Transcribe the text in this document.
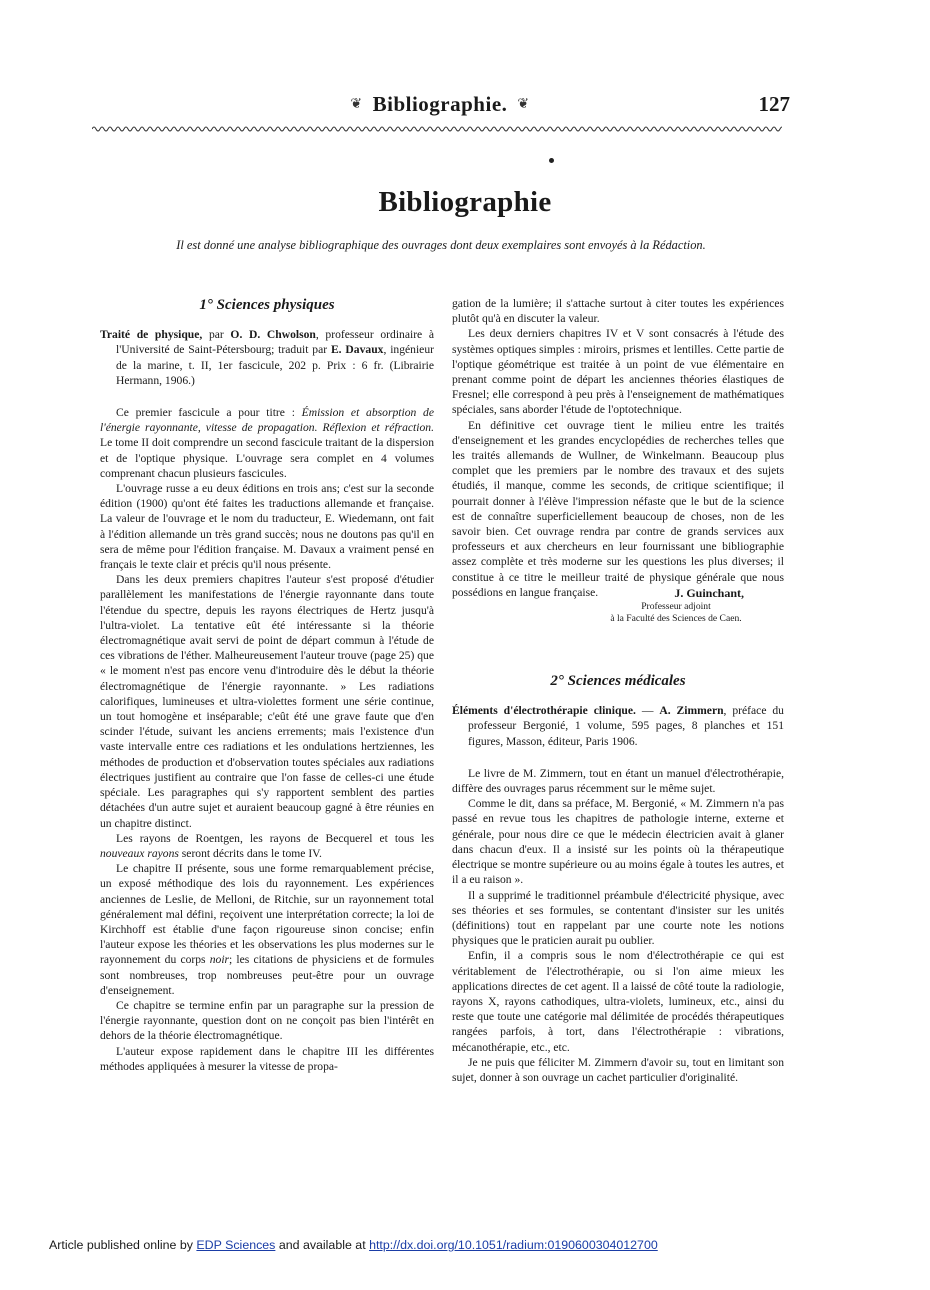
❦ Bibliographie. ❦	127
Bibliographie
Il est donné une analyse bibliographique des ouvrages dont deux exemplaires sont envoyés à la Rédaction.
1° Sciences physiques

Traité de physique, par O. D. Chwolson, professeur ordinaire à l'Université de Saint-Pétersbourg; traduit par E. Davaux, ingénieur de la marine, t. II, 1er fascicule, 202 p. Prix : 6 fr. (Librairie Hermann, 1906.)

Ce premier fascicule a pour titre : Émission et absorption de l'énergie rayonnante, vitesse de propagation. Réflexion et réfraction. Le tome II doit comprendre un second fascicule traitant de la dispersion et de l'optique physique. L'ouvrage sera complet en 4 volumes comprenant chacun plusieurs fascicules.

L'ouvrage russe a eu deux éditions en trois ans; c'est sur la seconde édition (1900) qu'ont été faites les traductions allemande et française. La valeur de l'ouvrage et le nom du traducteur, E. Wiedemann, ont fait à l'édition allemande un très grand succès; nous ne doutons pas qu'il en sera de même pour l'édition française. M. Davaux a vraiment pensé en français le texte clair et précis qu'il nous présente.

Dans les deux premiers chapitres l'auteur s'est proposé d'étudier parallèlement les manifestations de l'énergie rayonnante dans toute l'étendue du spectre, depuis les rayons électriques de Hertz jusqu'à l'ultra-violet. La tentative eût été intéressante si la théorie électromagnétique avait servi de point de départ commun à l'étude de ces vibrations de l'éther. Malheureusement l'auteur trouve (page 25) que « le moment n'est pas encore venu d'introduire dès le début la théorie électromagnétique de l'énergie rayonnante. » Les radiations calorifiques, lumineuses et ultra-violettes forment une série continue, un tout homogène et inséparable; c'eût été une grave faute que d'en scinder l'étude, suivant les anciens errements; mais l'existence d'un vaste intervalle entre ces radiations et les ondulations hertziennes, les méthodes de production et d'observation toutes spéciales aux radiations électriques justifient au contraire que l'on fasse de celles-ci une étude spéciale. Les paragraphes qui s'y rapportent semblent des parties détachées d'un autre sujet et auraient beaucoup gagné à être réunies en un chapitre distinct.

Les rayons de Roentgen, les rayons de Becquerel et tous les nouveaux rayons seront décrits dans le tome IV.

Le chapitre II présente, sous une forme remarquablement précise, un exposé méthodique des lois du rayonnement. Les expériences anciennes de Leslie, de Melloni, de Ritchie, sur un rayonnement total généralement mal défini, reçoivent une interprétation correcte; la loi de Kirchhoff est établie d'une façon rigoureuse sinon concise; enfin l'auteur expose les théories et les observations les plus modernes sur le rayonnement du corps noir; les citations de physiciens et de formules sont nombreuses, trop nombreuses peut-être pour un ouvrage d'enseignement.

Ce chapitre se termine enfin par un paragraphe sur la pression de l'énergie rayonnante, question dont on ne conçoit pas bien l'intérêt en dehors de la théorie électromagnétique.

L'auteur expose rapidement dans le chapitre III les différentes méthodes appliquées à mesurer la vitesse de propa-

gation de la lumière; il s'attache surtout à citer toutes les expériences plutôt qu'à en discuter la valeur.

Les deux derniers chapitres IV et V sont consacrés à l'étude des systèmes optiques simples : miroirs, prismes et lentilles. Cette partie de l'optique géométrique est traitée à un point de vue élémentaire en prenant comme point de départ les anciennes théories élastiques de Fresnel; elle correspond à peu près à l'enseignement de mathématiques spéciales, sans aborder l'étude de l'optotechnique.

En définitive cet ouvrage tient le milieu entre les traités d'enseignement et les grandes encyclopédies de recherches telles que les traités allemands de Wullner, de Winkelmann. Beaucoup plus complet que les premiers par le nombre des travaux et des sujets étudiés, il manque, comme les seconds, de critique scientifique; il pourrait donner à l'élève l'impression néfaste que le but de la science est de connaître superficiellement beaucoup de choses, non de les savoir bien. Cet ouvrage rendra par contre de grands services aux professeurs et aux chercheurs en leur fournissant une bibliographie assez complète et très moderne sur les questions les plus diverses; il constitue à ce titre le meilleur traité de physique générale que nous possédions en langue française.	J. Guinchant,
Professeur adjoint
à la Faculté des Sciences de Caen.
2° Sciences médicales

Éléments d'électrothérapie clinique. — A. Zimmern, préface du professeur Bergonié, 1 volume, 595 pages, 8 planches et 151 figures, Masson, éditeur, Paris 1906.

Le livre de M. Zimmern, tout en étant un manuel d'électrothérapie, diffère des ouvrages parus récemment sur le même sujet.

Comme le dit, dans sa préface, M. Bergonié, « M. Zimmern n'a pas passé en revue tous les chapitres de pathologie interne, externe et générale, pour nous dire ce que le médecin électricien avait à glaner dans chacun d'eux. Il a insisté sur les points où la thérapeutique électrique se montre supérieure ou au moins égale à toutes les autres, et il a eu raison ».

Il a supprimé le traditionnel préambule d'électricité physique, avec ses théories et ses formules, se contentant d'insister sur les unités (définitions) tout en rappelant par une courte note les notions physiques que le praticien aurait pu oublier.

Enfin, il a compris sous le nom d'électrothérapie ce qui est véritablement de l'électrothérapie, ou si l'on aime mieux les applications directes de cet agent. Il a laissé de côté toute la radiologie, rayons X, rayons cathodiques, ultra-violets, lumineux, etc., ainsi du reste que toute une catégorie mal délimitée de procédés thérapeutiques rangées parfois, à tort, dans l'électrothérapie : vibrations, mécanothérapie, etc., etc.

Je ne puis que féliciter M. Zimmern d'avoir su, tout en limitant son sujet, donner à son ouvrage un cachet particulier d'originalité.

Article published online by EDP Sciences and available at http://dx.doi.org/10.1051/radium:0190600304012700
